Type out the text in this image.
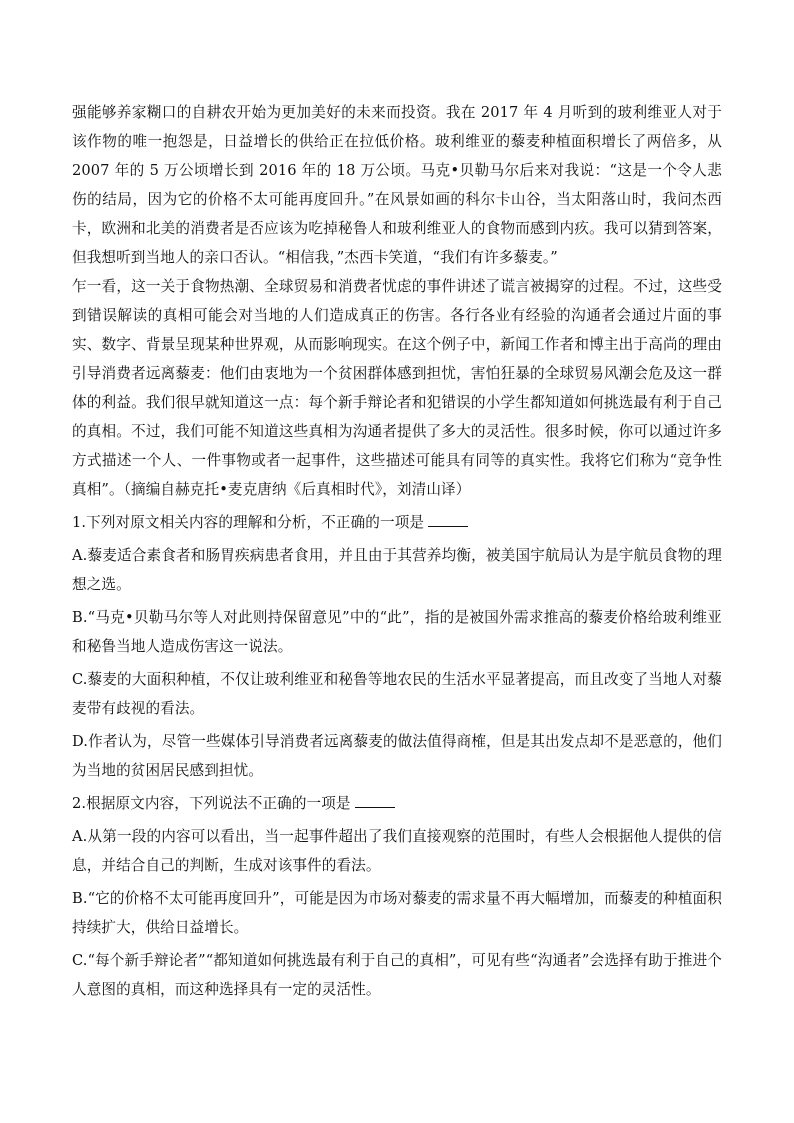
强能够养家糊口的自耕农开始为更加美好的未来而投资。我在 2017 年 4 月听到的玻利维亚人对于该作物的唯一抱怨是，日益增长的供给正在拉低价格。玻利维亚的藜麦种植面积增长了两倍多，从 2007 年的 5 万公顷增长到 2016 年的 18 万公顷。马克•贝勒马尔后来对我说：“这是一个令人悲伤的结局，因为它的价格不太可能再度回升。”在风景如画的科尔卡山谷，当太阳落山时，我问杰西卡，欧洲和北美的消费者是否应该为吃掉秘鲁人和玻利维亚人的食物而感到内疚。我可以猜到答案，但我想听到当地人的亲口否认。“相信我，”杰西卡笑道，“我们有许多藜麦。”

乍一看，这一关于食物热潮、全球贸易和消费者忧虑的事件讲述了谎言被揭穿的过程。不过，这些受到错误解读的真相可能会对当地的人们造成真正的伤害。各行各业有经验的沟通者会通过片面的事实、数字、背景呈现某种世界观，从而影响现实。在这个例子中，新闻工作者和博主出于高尚的理由引导消费者远离藜麦：他们由衷地为一个贫困群体感到担忧，害怕狂暴的全球贸易风潮会危及这一群体的利益。我们很早就知道这一点：每个新手辩论者和犯错误的小学生都知道如何挑选最有利于自己的真相。不过，我们可能不知道这些真相为沟通者提供了多大的灵活性。很多时候，你可以通过许多方式描述一个人、一件事物或者一起事件，这些描述可能具有同等的真实性。我将它们称为“竞争性真相”。（摘编自赫克托•麦克唐纳《后真相时代》，刘清山译）

1.下列对原文相关内容的理解和分析，不正确的一项是

A.藜麦适合素食者和肠胃疾病患者食用，并且由于其营养均衡，被美国宇航局认为是宇航员食物的理想之选。

B.“马克•贝勒马尔等人对此则持保留意见”中的“此”，指的是被国外需求推高的藜麦价格给玻利维亚和秘鲁当地人造成伤害这一说法。

C.藜麦的大面积种植，不仅让玻利维亚和秘鲁等地农民的生活水平显著提高，而且改变了当地人对藜麦带有歧视的看法。

D.作者认为，尽管一些媒体引导消费者远离藜麦的做法值得商榷，但是其出发点却不是恶意的，他们为当地的贫困居民感到担忧。

2.根据原文内容，下列说法不正确的一项是

A.从第一段的内容可以看出，当一起事件超出了我们直接观察的范围时，有些人会根据他人提供的信息，并结合自己的判断，生成对该事件的看法。

B.“它的价格不太可能再度回升”，可能是因为市场对藜麦的需求量不再大幅增加，而藜麦的种植面积持续扩大，供给日益增长。

C.“每个新手辩论者”“都知道如何挑选最有利于自己的真相”，可见有些“沟通者”会选择有助于推进个人意图的真相，而这种选择具有一定的灵活性。
